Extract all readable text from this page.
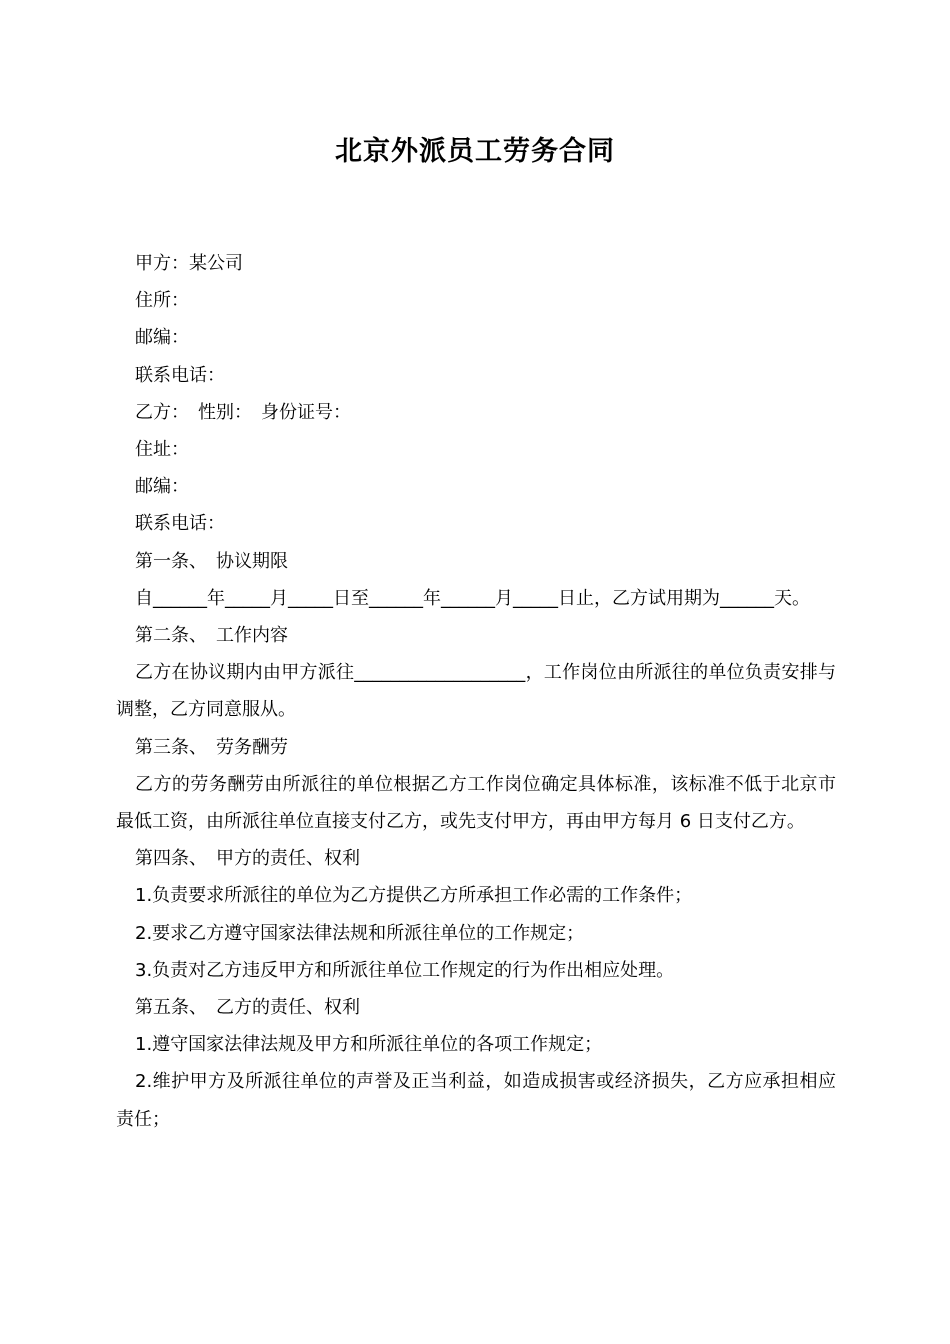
北京外派员工劳务合同

甲方：某公司

住所：

邮编：

联系电话：

乙方：　性别：　身份证号：

住址：

邮编：

联系电话：

第一条、　协议期限

自______年_____月_____日至______年______月_____日止，乙方试用期为______天。

第二条、　工作内容

乙方在协议期内由甲方派往___________________，工作岗位由所派往的单位负责安排与调整，乙方同意服从。

第三条、　劳务酬劳

乙方的劳务酬劳由所派往的单位根据乙方工作岗位确定具体标准，该标准不低于北京市最低工资，由所派往单位直接支付乙方，或先支付甲方，再由甲方每月 6 日支付乙方。

第四条、　甲方的责任、权利

1.负责要求所派往的单位为乙方提供乙方所承担工作必需的工作条件；

2.要求乙方遵守国家法律法规和所派往单位的工作规定；

3.负责对乙方违反甲方和所派往单位工作规定的行为作出相应处理。

第五条、　乙方的责任、权利

1.遵守国家法律法规及甲方和所派往单位的各项工作规定；

2.维护甲方及所派往单位的声誉及正当利益，如造成损害或经济损失，乙方应承担相应责任；
